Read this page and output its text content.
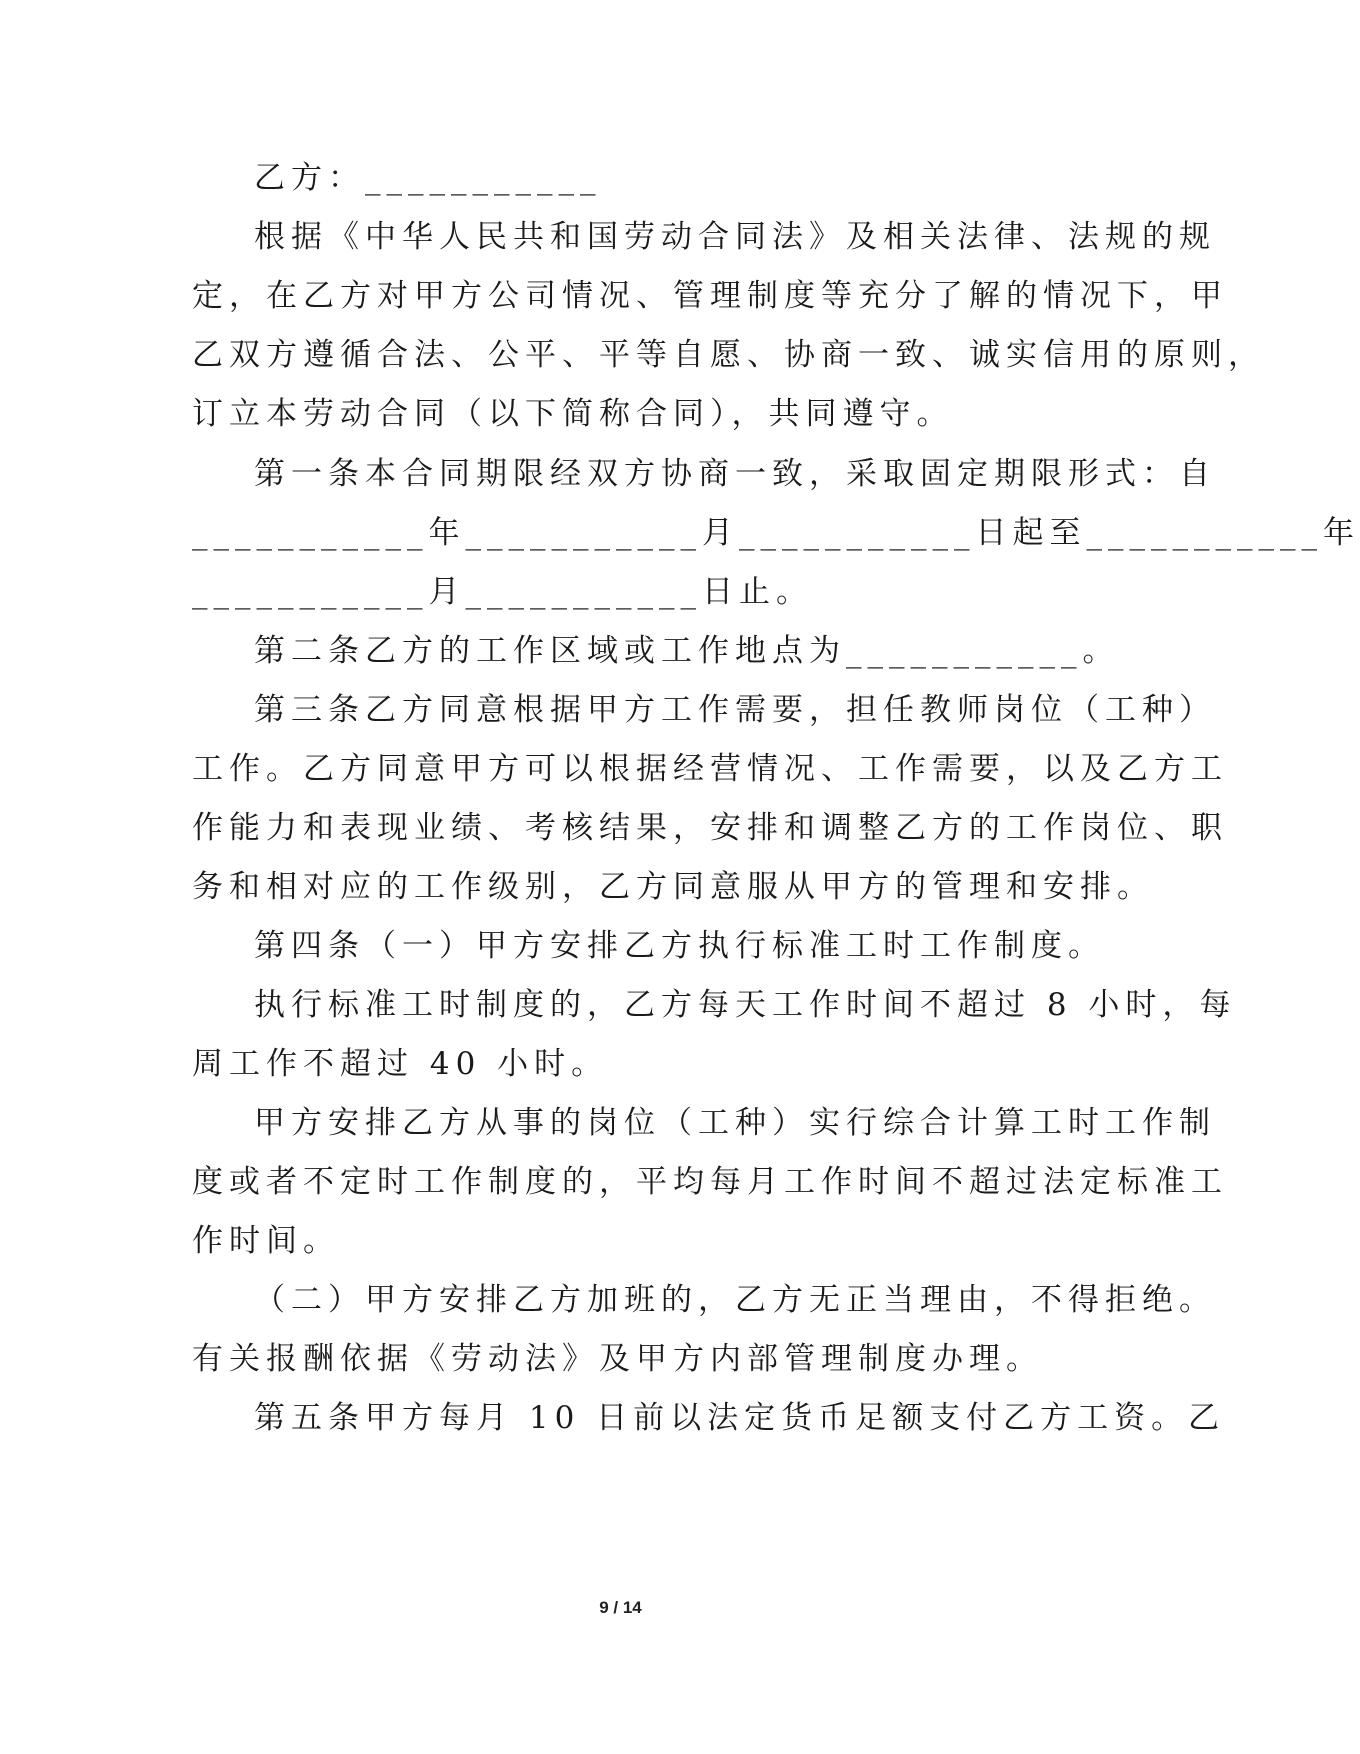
乙方：___________
根据《中华人民共和国劳动合同法》及相关法律、法规的规
定，在乙方对甲方公司情况、管理制度等充分了解的情况下，甲
乙双方遵循合法、公平、平等自愿、协商一致、诚实信用的原则，
订立本劳动合同（以下简称合同），共同遵守。
第一条本合同期限经双方协商一致，采取固定期限形式：自
___________年___________月___________日起至___________年
___________月___________日止。
第二条乙方的工作区域或工作地点为___________。
第三条乙方同意根据甲方工作需要，担任教师岗位（工种）
工作。乙方同意甲方可以根据经营情况、工作需要，以及乙方工
作能力和表现业绩、考核结果，安排和调整乙方的工作岗位、职
务和相对应的工作级别，乙方同意服从甲方的管理和安排。
第四条（一）甲方安排乙方执行标准工时工作制度。
执行标准工时制度的，乙方每天工作时间不超过 8 小时，每
周工作不超过 40 小时。
甲方安排乙方从事的岗位（工种）实行综合计算工时工作制
度或者不定时工作制度的，平均每月工作时间不超过法定标准工
作时间。
（二）甲方安排乙方加班的，乙方无正当理由，不得拒绝。
有关报酬依据《劳动法》及甲方内部管理制度办理。
第五条甲方每月 10 日前以法定货币足额支付乙方工资。乙
9 / 14
